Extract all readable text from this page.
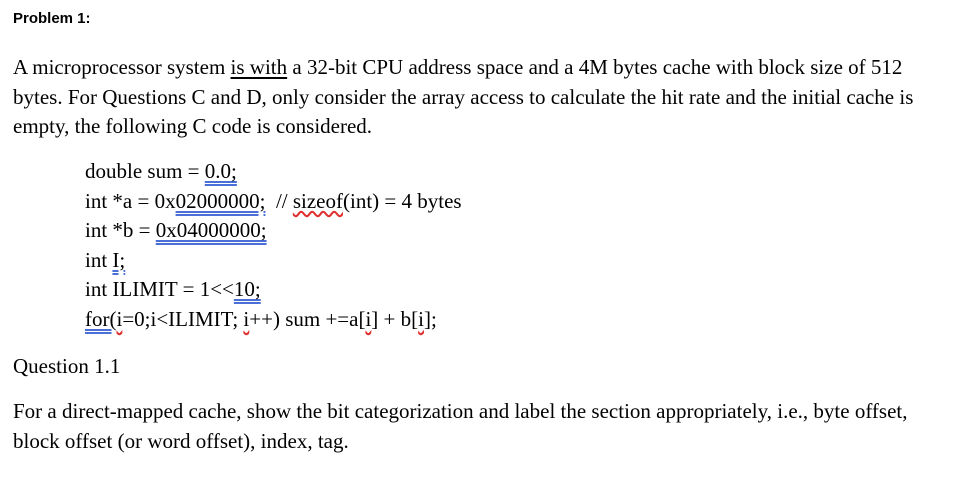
Problem 1:

A microprocessor system is with a 32-bit CPU address space and a 4M bytes cache with block size of 512 bytes. For Questions C and D, only consider the array access to calculate the hit rate and the initial cache is empty, the following C code is considered.

double sum = 0.0;
int *a = 0x02000000;  // sizeof(int) = 4 bytes
int *b = 0x04000000;
int I;
int ILIMIT = 1<<10;
for(i=0;i<ILIMIT; i++) sum +=a[i] + b[i];
Question 1.1

For a direct-mapped cache, show the bit categorization and label the section appropriately, i.e., byte offset, block offset (or word offset), index, tag.
